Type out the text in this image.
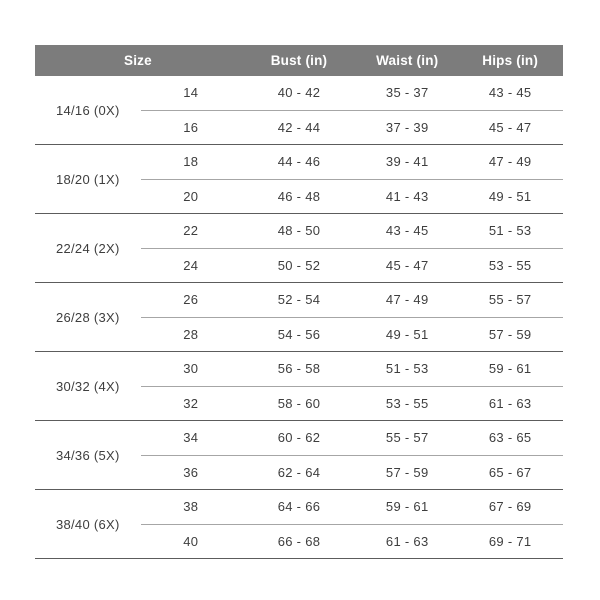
Size		Bust (in)	Waist (in)	Hips (in)
14/16 (0X)	14	40 - 42	35 - 37	43 - 45
	16	42 - 44	37 - 39	45 - 47
18/20 (1X)	18	44 - 46	39 - 41	47 - 49
	20	46 - 48	41 - 43	49 - 51
22/24 (2X)	22	48 - 50	43 - 45	51 - 53
	24	50 - 52	45 - 47	53 - 55
26/28 (3X)	26	52 - 54	47 - 49	55 - 57
	28	54 - 56	49 - 51	57 - 59
30/32 (4X)	30	56 - 58	51 - 53	59 - 61
	32	58 - 60	53 - 55	61 - 63
34/36 (5X)	34	60 - 62	55 - 57	63 - 65
	36	62 - 64	57 - 59	65 - 67
38/40 (6X)	38	64 - 66	59 - 61	67 - 69
	40	66 - 68	61 - 63	69 - 71
